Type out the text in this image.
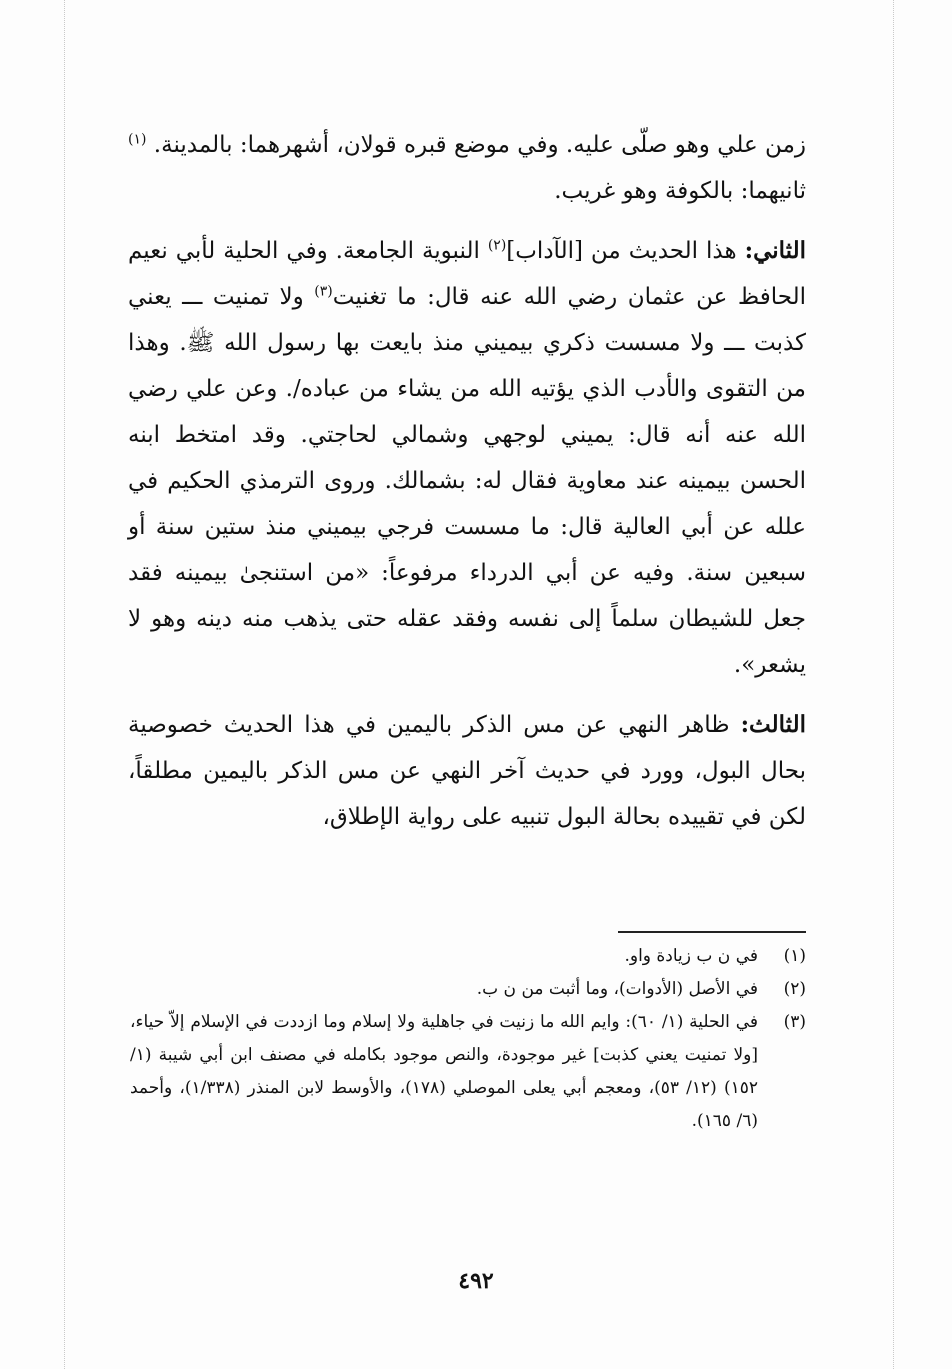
زمن علي وهو صلّى عليه. وفي موضع قبره قولان، أشهرهما: بالمدينة. $^{(١)}$ ثانيهما: بالكوفة وهو غريب.

الثاني: هذا الحديث من [الآداب]$^{(٢)}$ النبوية الجامعة. وفي الحلية لأبي نعيم الحافظ عن عثمان رضي الله عنه قال: ما تغنيت$^{(٣)}$ ولا تمنيت ـــ يعني كذبت ـــ ولا مسست ذكري بيميني منذ بايعت بها رسول الله ﷺ. وهذا من التقوى والأدب الذي يؤتيه الله من يشاء من عباده/. وعن علي رضي الله عنه أنه قال: يميني لوجهي وشمالي لحاجتي. وقد امتخط ابنه الحسن بيمينه عند معاوية فقال له: بشمالك. وروى الترمذي الحكيم في علله عن أبي العالية قال: ما مسست فرجي بيميني منذ ستين سنة أو سبعين سنة. وفيه عن أبي الدرداء مرفوعاً: «من استنجىٰ بيمينه فقد جعل للشيطان سلماً إلى نفسه وفقد عقله حتى يذهب منه دينه وهو لا يشعر».

الثالث: ظاهر النهي عن مس الذكر باليمين في هذا الحديث خصوصية بحال البول، وورد في حديث آخر النهي عن مس الذكر باليمين مطلقاً، لكن في تقييده بحالة البول تنبيه على رواية الإطلاق،

(١)
في ن ب زيادة واو.
(٢)
في الأصل (الأدوات)، وما أثبت من ن ب.
(٣)
في الحلية (١/ ٦٠): وايم الله ما زنيت في جاهلية ولا إسلام وما ازددت في الإسلام إلاّ حياء، [ولا تمنيت يعني كذبت] غير موجودة، والنص موجود بكامله في مصنف ابن أبي شيبة (١/ ١٥٢) (١٢/ ٥٣)، ومعجم أبي يعلى الموصلي (١٧٨)، والأوسط لابن المنذر (١/٣٣٨)، وأحمد (٦/ ١٦٥).
٤٩٢
